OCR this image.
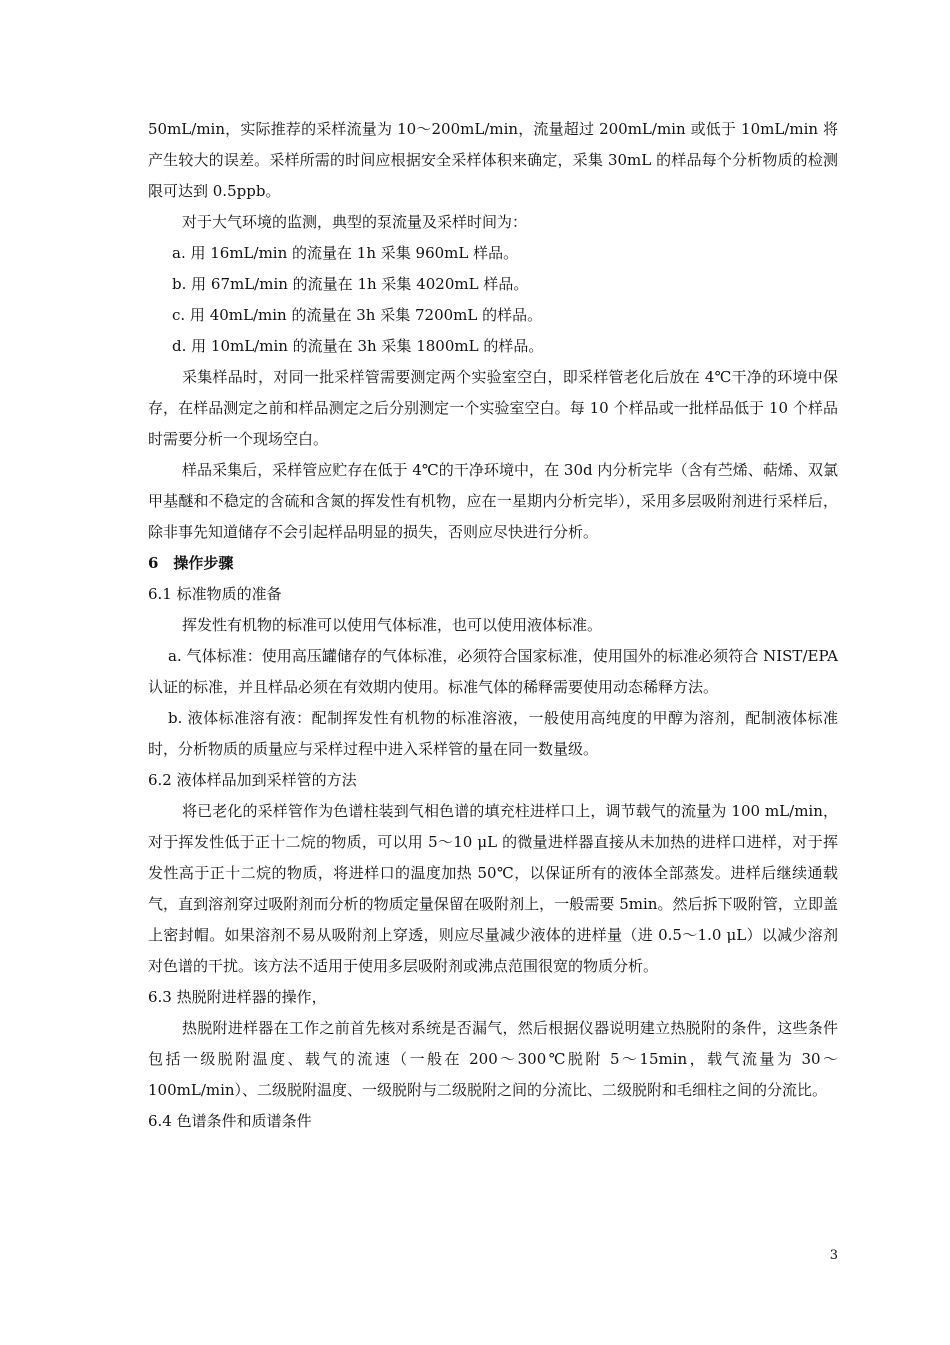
50mL/min，实际推荐的采样流量为 10～200mL/min，流量超过 200mL/min 或低于 10mL/min 将产生较大的误差。采样所需的时间应根据安全采样体积来确定，采集 30mL 的样品每个分析物质的检测限可达到 0.5ppb。

对于大气环境的监测，典型的泵流量及采样时间为：

a. 用 16mL/min 的流量在 1h 采集 960mL 样品。

b. 用 67mL/min 的流量在 1h 采集 4020mL 样品。

c. 用 40mL/min 的流量在 3h 采集 7200mL 的样品。

d. 用 10mL/min 的流量在 3h 采集 1800mL 的样品。

采集样品时，对同一批采样管需要测定两个实验室空白，即采样管老化后放在 4℃干净的环境中保存，在样品测定之前和样品测定之后分别测定一个实验室空白。每 10 个样品或一批样品低于 10 个样品时需要分析一个现场空白。

样品采集后，采样管应贮存在低于 4℃的干净环境中，在 30d 内分析完毕（含有苎烯、萜烯、双氯甲基醚和不稳定的含硫和含氮的挥发性有机物，应在一星期内分析完毕），采用多层吸附剂进行采样后，除非事先知道储存不会引起样品明显的损失，否则应尽快进行分析。

6　操作步骤

6.1 标准物质的准备

挥发性有机物的标准可以使用气体标准，也可以使用液体标准。

a. 气体标准：使用高压罐储存的气体标准，必须符合国家标准，使用国外的标准必须符合 NIST/EPA 认证的标准，并且样品必须在有效期内使用。标准气体的稀释需要使用动态稀释方法。

b. 液体标准溶有液：配制挥发性有机物的标准溶液，一般使用高纯度的甲醇为溶剂，配制液体标准时，分析物质的质量应与采样过程中进入采样管的量在同一数量级。

6.2 液体样品加到采样管的方法

将已老化的采样管作为色谱柱装到气相色谱的填充柱进样口上，调节载气的流量为 100 mL/min，对于挥发性低于正十二烷的物质，可以用 5～10 μL 的微量进样器直接从未加热的进样口进样，对于挥发性高于正十二烷的物质，将进样口的温度加热 50℃，以保证所有的液体全部蒸发。进样后继续通载气，直到溶剂穿过吸附剂而分析的物质定量保留在吸附剂上，一般需要 5min。然后拆下吸附管，立即盖上密封帽。如果溶剂不易从吸附剂上穿透，则应尽量减少液体的进样量（进 0.5～1.0 μL）以减少溶剂对色谱的干扰。该方法不适用于使用多层吸附剂或沸点范围很宽的物质分析。

6.3 热脱附进样器的操作，

热脱附进样器在工作之前首先核对系统是否漏气，然后根据仪器说明建立热脱附的条件，这些条件包括一级脱附温度、载气的流速（一般在 200～300℃脱附 5～15min，载气流量为 30～100mL/min）、二级脱附温度、一级脱附与二级脱附之间的分流比、二级脱附和毛细柱之间的分流比。

6.4 色谱条件和质谱条件

3
